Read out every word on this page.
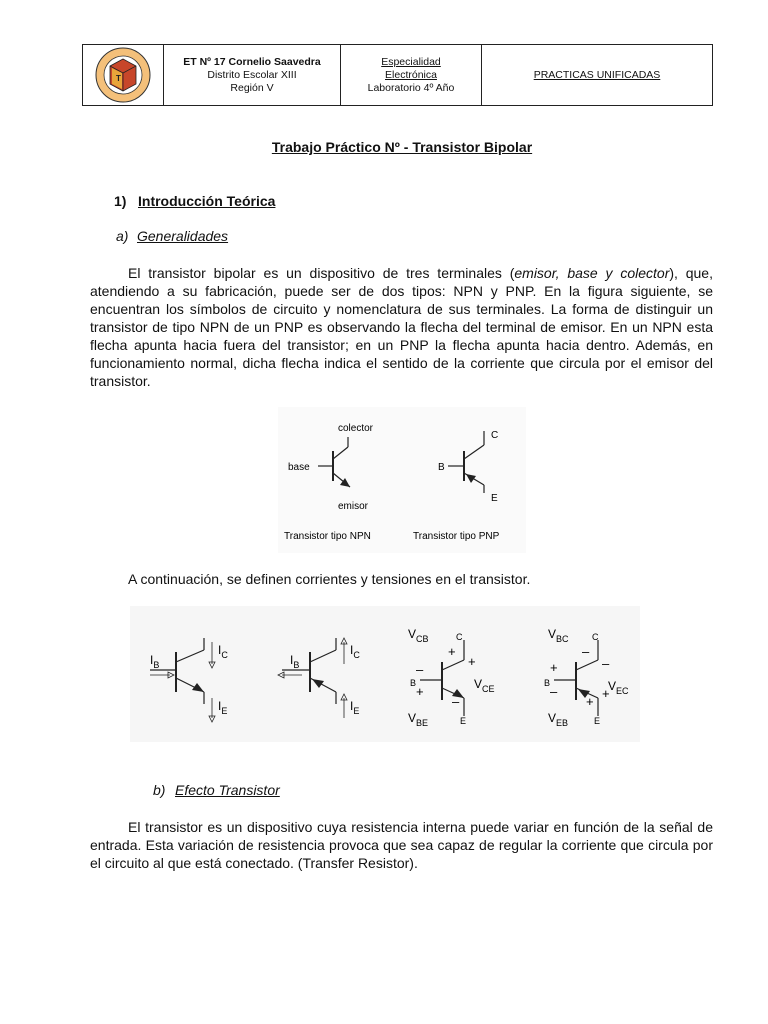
T
ET Nº 17 Cornelio Saavedra
Distrito Escolar XIII
Región V
Especialidad
Electrónica
Laboratorio 4º Año
PRACTICAS UNIFICADAS
Trabajo Práctico Nº - Transistor Bipolar
1) Introducción Teórica
a) Generalidades
El transistor bipolar es un dispositivo de tres terminales (emisor, base y colector), que, atendiendo a su fabricación, puede ser de dos tipos: NPN y PNP. En la figura siguiente, se encuentran los símbolos de circuito y nomenclatura de sus terminales. La forma de distinguir un transistor de tipo NPN de un PNP es observando la flecha del terminal de emisor. En un NPN esta flecha apunta hacia fuera del transistor; en un PNP la flecha apunta hacia dentro. Además, en funcionamiento normal, dicha flecha indica el sentido de la corriente que circula por el emisor del transistor.
colector
base
emisor
C
B
E
Transistor tipo NPN	Transistor tipo PNP
A continuación, se definen corrientes y tensiones en el transistor.
$I_B$
$I_C$
$I_E$
$I_B$
$I_C$
$I_E$
$V_{CB}$	C
B
E
$V_{CE}$
$V_{BE}$
+
+
–
+
–
$V_{BC}$	C
B
E
$V_{EC}$
$V_{EB}$
–
–
+
–
+
+
b) Efecto Transistor
El transistor es un dispositivo cuya resistencia interna puede variar en función de la señal de entrada. Esta variación de resistencia provoca que sea capaz de regular la corriente que circula por el circuito al que está conectado. (Transfer Resistor).
